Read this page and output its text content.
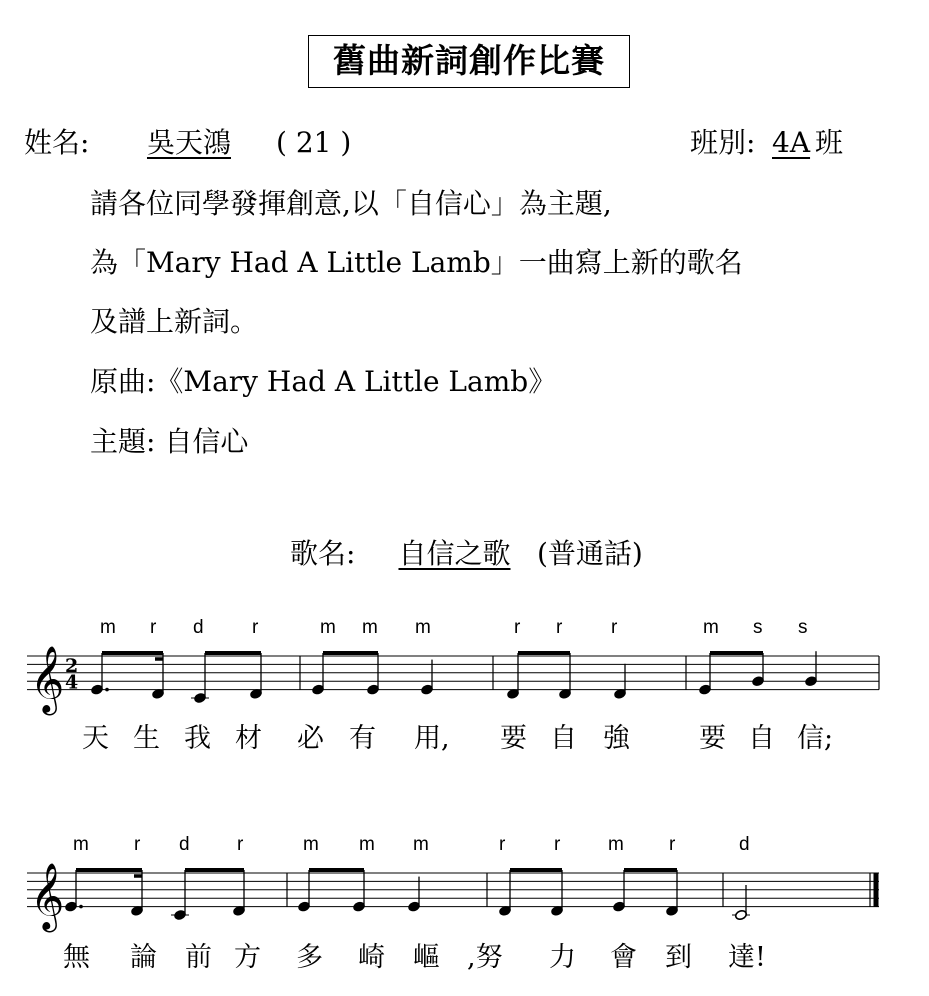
舊曲新詞創作比賽
姓名:	吳天鴻	( 21 )	班別: 4A 班
請各位同學發揮創意,以「自信心」為主題,
為「Mary Had A Little Lamb」一曲寫上新的歌名
及譜上新詞。
原曲:《Mary Had A Little Lamb》
主題: 自信心
歌名:	自信之歌 (普通話)
m r d	r	m m m	r r	r	m s s
天 生 我 材 必 有 用, 要 自 強	要 自 信;
m r d r	m m m	r	r	m r	d
無 論 前 方 多 崎 嶇 ,努 力 會 到 達!
𝄞 2
4
𝄞
